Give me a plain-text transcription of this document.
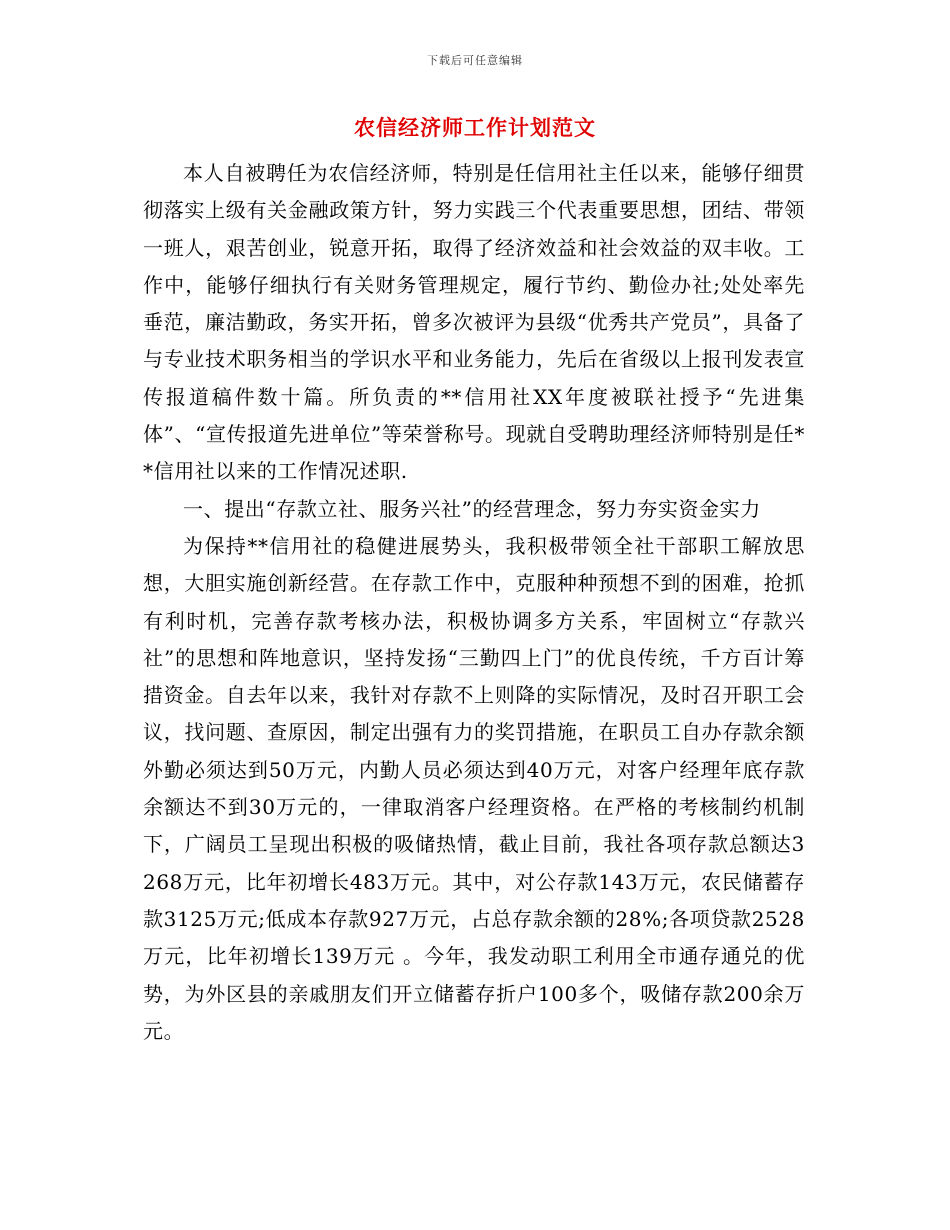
下载后可任意编辑
农信经济师工作计划范文

本人自被聘任为农信经济师，特别是任信用社主任以来，能够仔细贯彻落实上级有关金融政策方针，努力实践三个代表重要思想，团结、带领一班人，艰苦创业，锐意开拓，取得了经济效益和社会效益的双丰收。工作中，能够仔细执行有关财务管理规定，履行节约、勤俭办社;处处率先垂范，廉洁勤政，务实开拓，曾多次被评为县级“优秀共产党员”，具备了与专业技术职务相当的学识水平和业务能力，先后在省级以上报刊发表宣传报道稿件数十篇。所负责的**信用社XX年度被联社授予“先进集体”、“宣传报道先进单位”等荣誉称号。现就自受聘助理经济师特别是任**信用社以来的工作情况述职.

一、提出“存款立社、服务兴社”的经营理念，努力夯实资金实力

为保持**信用社的稳健进展势头，我积极带领全社干部职工解放思想，大胆实施创新经营。在存款工作中，克服种种预想不到的困难，抢抓有利时机，完善存款考核办法，积极协调多方关系，牢固树立“存款兴社”的思想和阵地意识，坚持发扬“三勤四上门”的优良传统，千方百计筹措资金。自去年以来，我针对存款不上则降的实际情况，及时召开职工会议，找问题、查原因，制定出强有力的奖罚措施，在职员工自办存款余额外勤必须达到50万元，内勤人员必须达到40万元，对客户经理年底存款余额达不到30万元的，一律取消客户经理资格。在严格的考核制约机制下，广阔员工呈现出积极的吸储热情，截止目前，我社各项存款总额达3268万元，比年初增长483万元。其中，对公存款143万元，农民储蓄存款3125万元;低成本存款927万元，占总存款余额的28%;各项贷款2528万元，比年初增长139万元 。今年，我发动职工利用全市通存通兑的优势，为外区县的亲戚朋友们开立储蓄存折户100多个，吸储存款200余万元。
